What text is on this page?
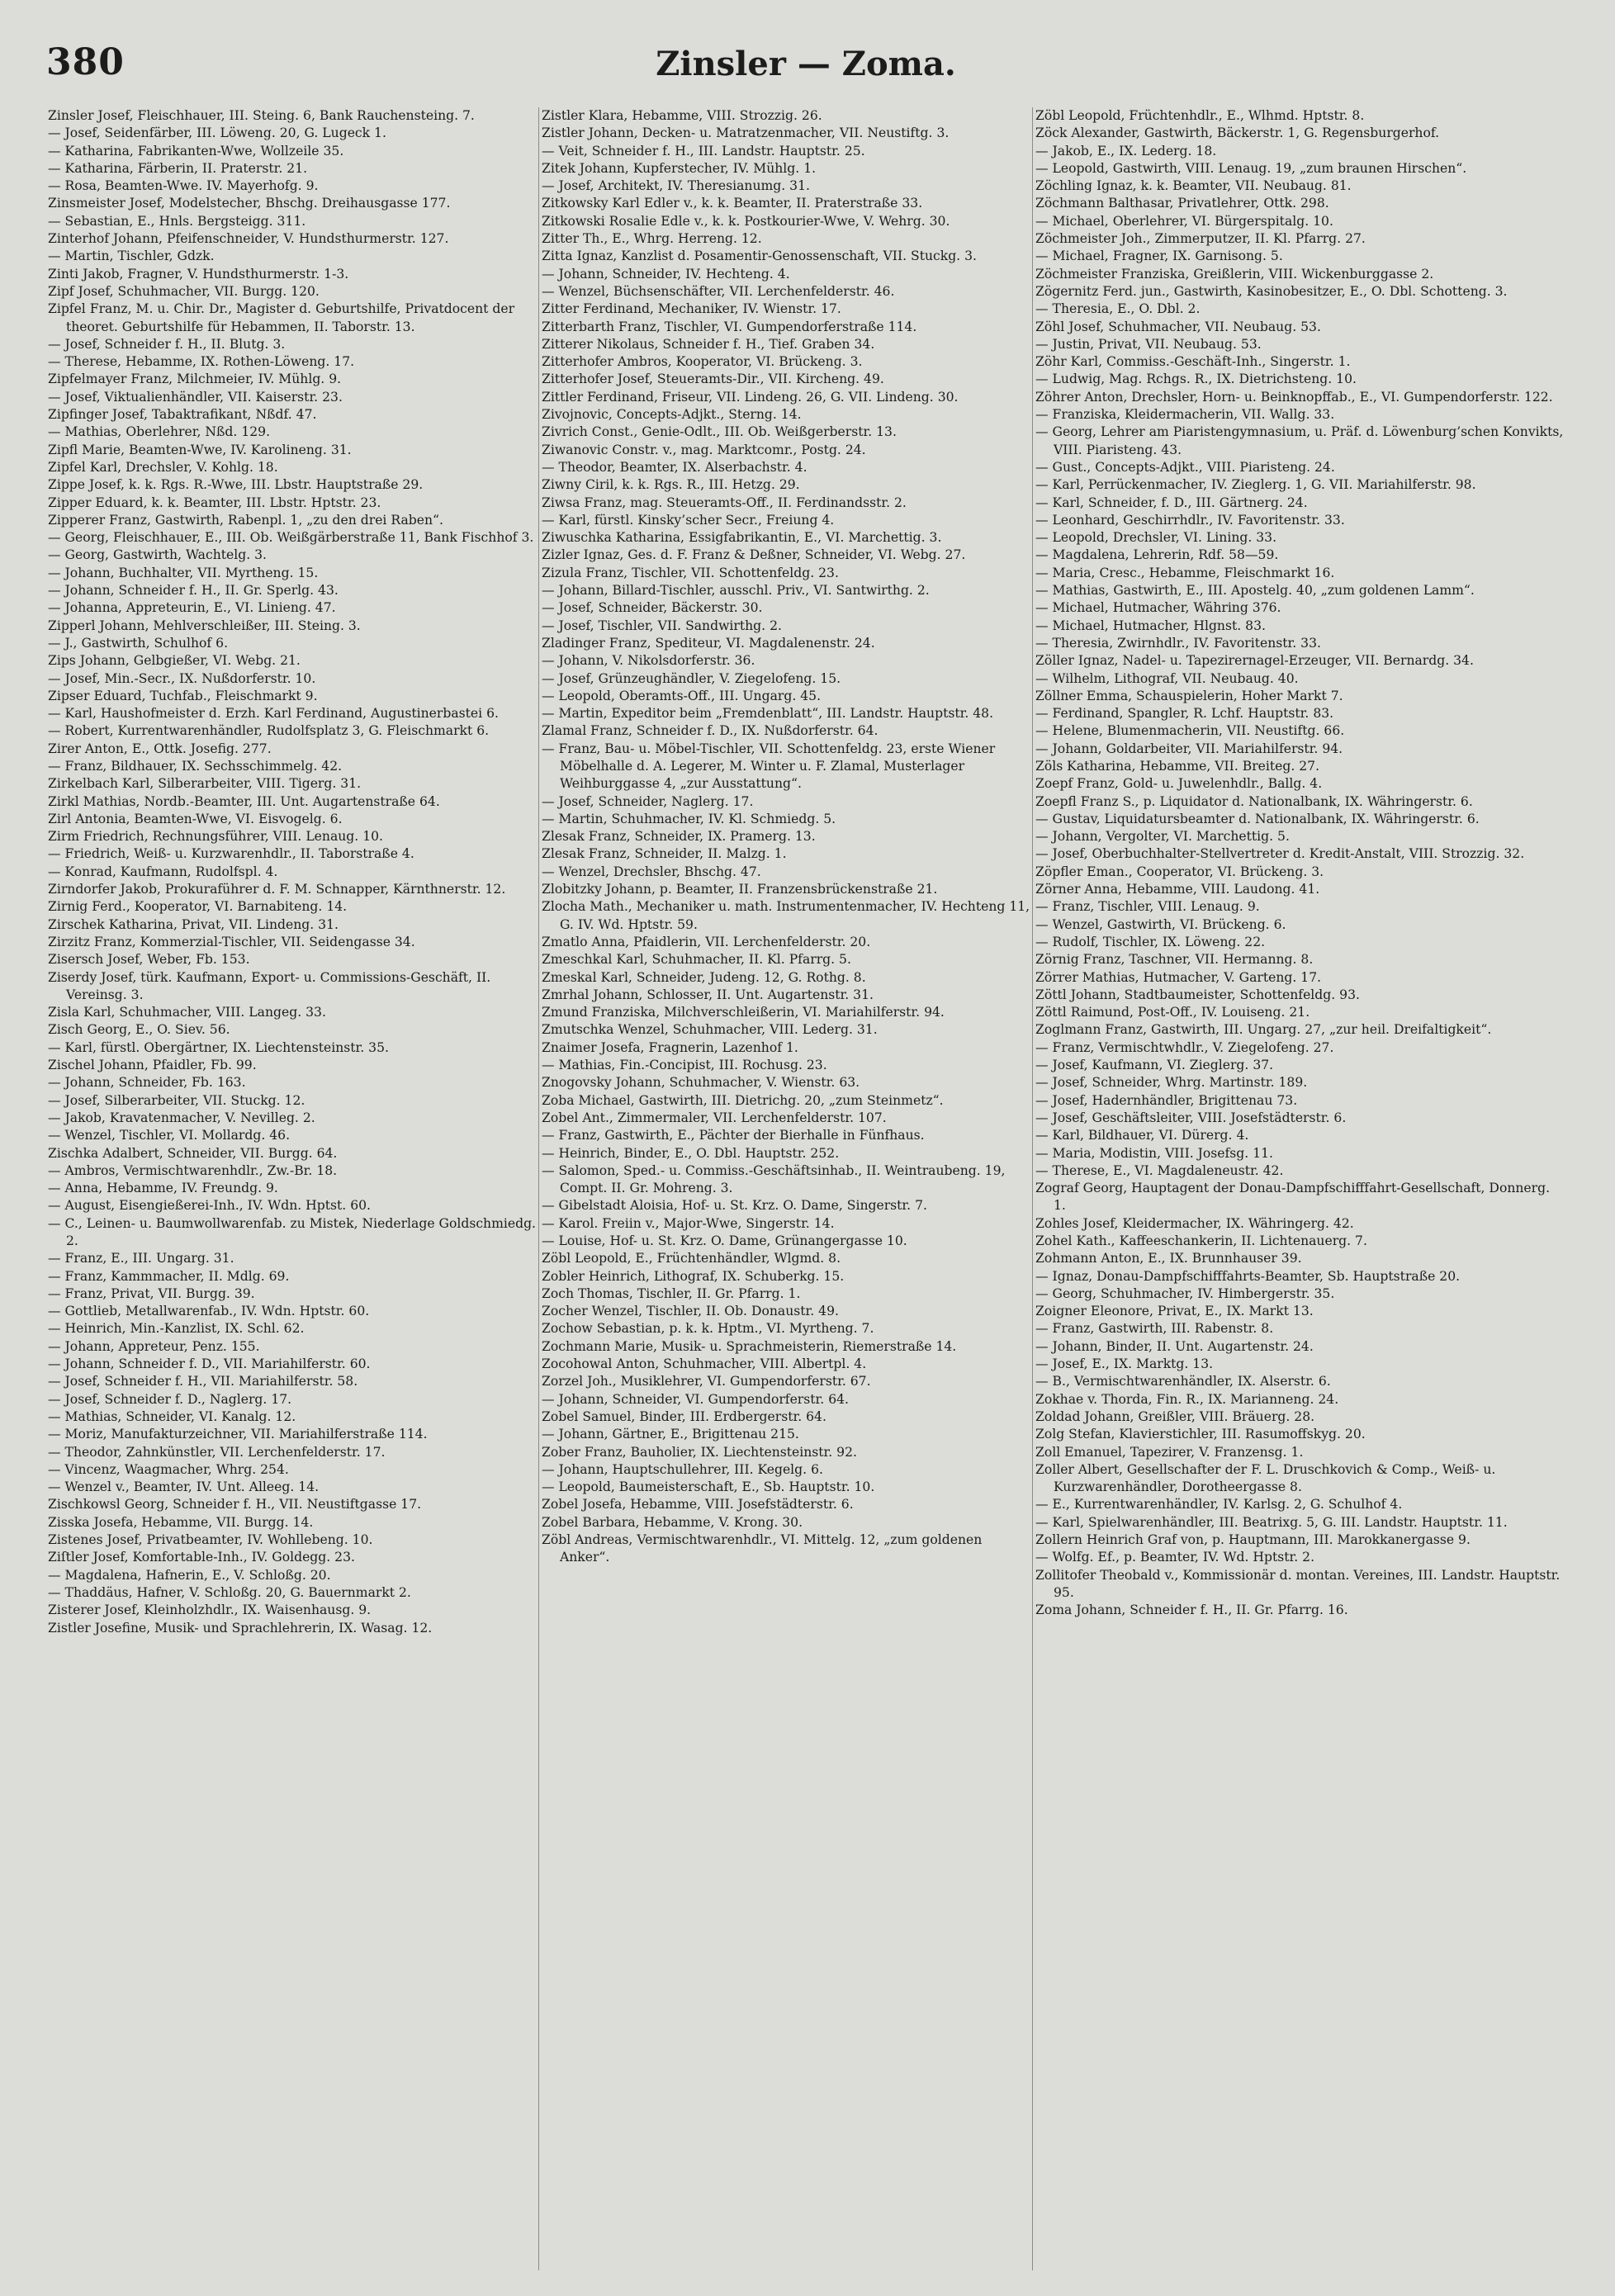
380	Zinsler — Zoma.

Zinsler Josef, Fleischhauer, III. Steing. 6, Bank Rauchensteing. 7.

— Josef, Seidenfärber, III. Löweng. 20, G. Lugeck 1.

— Katharina, Fabrikanten-Wwe, Wollzeile 35.

— Katharina, Färberin, II. Praterstr. 21.

— Rosa, Beamten-Wwe. IV. Mayerhofg. 9.

Zinsmeister Josef, Modelstecher, Bhschg. Dreihausgasse 177.

— Sebastian, E., Hnls. Bergsteigg. 311.

Zinterhof Johann, Pfeifenschneider, V. Hundsthurmerstr. 127.

— Martin, Tischler, Gdzk.

Zinti Jakob, Fragner, V. Hundsthurmerstr. 1-3.

Zipf Josef, Schuhmacher, VII. Burgg. 120.

Zipfel Franz, M. u. Chir. Dr., Magister d. Geburtshilfe, Privatdocent der theoret. Geburtshilfe für Hebammen, II. Taborstr. 13.

— Josef, Schneider f. H., II. Blutg. 3.

— Therese, Hebamme, IX. Rothen-Löweng. 17.

Zipfelmayer Franz, Milchmeier, IV. Mühlg. 9.

— Josef, Viktualienhändler, VII. Kaiserstr. 23.

Zipfinger Josef, Tabaktrafikant, Nßdf. 47.

— Mathias, Oberlehrer, Nßd. 129.

Zipfl Marie, Beamten-Wwe, IV. Karolineng. 31.

Zipfel Karl, Drechsler, V. Kohlg. 18.

Zippe Josef, k. k. Rgs. R.-Wwe, III. Lbstr. Hauptstraße 29.

Zipper Eduard, k. k. Beamter, III. Lbstr. Hptstr. 23.

Zipperer Franz, Gastwirth, Rabenpl. 1, „zu den drei Raben“.

— Georg, Fleischhauer, E., III. Ob. Weißgärberstraße 11, Bank Fischhof 3.

— Georg, Gastwirth, Wachtelg. 3.

— Johann, Buchhalter, VII. Myrtheng. 15.

— Johann, Schneider f. H., II. Gr. Sperlg. 43.

— Johanna, Appreteurin, E., VI. Linieng. 47.

Zipperl Johann, Mehlverschleißer, III. Steing. 3.

— J., Gastwirth, Schulhof 6.

Zips Johann, Gelbgießer, VI. Webg. 21.

— Josef, Min.-Secr., IX. Nußdorferstr. 10.

Zipser Eduard, Tuchfab., Fleischmarkt 9.

— Karl, Haushofmeister d. Erzh. Karl Ferdinand, Augustinerbastei 6.

— Robert, Kurrentwarenhändler, Rudolfsplatz 3, G. Fleischmarkt 6.

Zirer Anton, E., Ottk. Josefig. 277.

— Franz, Bildhauer, IX. Sechsschimmelg. 42.

Zirkelbach Karl, Silberarbeiter, VIII. Tigerg. 31.

Zirkl Mathias, Nordb.-Beamter, III. Unt. Augartenstraße 64.

Zirl Antonia, Beamten-Wwe, VI. Eisvogelg. 6.

Zirm Friedrich, Rechnungsführer, VIII. Lenaug. 10.

— Friedrich, Weiß- u. Kurzwarenhdlr., II. Taborstraße 4.

— Konrad, Kaufmann, Rudolfspl. 4.

Zirndorfer Jakob, Prokuraführer d. F. M. Schnapper, Kärnthnerstr. 12.

Zirnig Ferd., Kooperator, VI. Barnabiteng. 14.

Zirschek Katharina, Privat, VII. Lindeng. 31.

Zirzitz Franz, Kommerzial-Tischler, VII. Seidengasse 34.

Zisersch Josef, Weber, Fb. 153.

Ziserdy Josef, türk. Kaufmann, Export- u. Commissions-Geschäft, II. Vereinsg. 3.

Zisla Karl, Schuhmacher, VIII. Langeg. 33.

Zisch Georg, E., O. Siev. 56.

— Karl, fürstl. Obergärtner, IX. Liechtensteinstr. 35.

Zischel Johann, Pfaidler, Fb. 99.

— Johann, Schneider, Fb. 163.

— Josef, Silberarbeiter, VII. Stuckg. 12.

— Jakob, Kravatenmacher, V. Nevilleg. 2.

— Wenzel, Tischler, VI. Mollardg. 46.

Zischka Adalbert, Schneider, VII. Burgg. 64.

— Ambros, Vermischtwarenhdlr., Zw.-Br. 18.

— Anna, Hebamme, IV. Freundg. 9.

— August, Eisengießerei-Inh., IV. Wdn. Hptst. 60.

— C., Leinen- u. Baumwollwarenfab. zu Mistek, Niederlage Goldschmiedg. 2.

— Franz, E., III. Ungarg. 31.

— Franz, Kammmacher, II. Mdlg. 69.

— Franz, Privat, VII. Burgg. 39.

— Gottlieb, Metallwarenfab., IV. Wdn. Hptstr. 60.

— Heinrich, Min.-Kanzlist, IX. Schl. 62.

— Johann, Appreteur, Penz. 155.

— Johann, Schneider f. D., VII. Mariahilferstr. 60.

— Josef, Schneider f. H., VII. Mariahilferstr. 58.

— Josef, Schneider f. D., Naglerg. 17.

— Mathias, Schneider, VI. Kanalg. 12.

— Moriz, Manufakturzeichner, VII. Mariahilferstraße 114.

— Theodor, Zahnkünstler, VII. Lerchenfelderstr. 17.

— Vincenz, Waagmacher, Whrg. 254.

— Wenzel v., Beamter, IV. Unt. Alleeg. 14.

Zischkowsl Georg, Schneider f. H., VII. Neustiftgasse 17.

Zisska Josefa, Hebamme, VII. Burgg. 14.

Zistenes Josef, Privatbeamter, IV. Wohllebeng. 10.

Ziſtler Josef, Komfortable-Inh., IV. Goldegg. 23.

— Magdalena, Hafnerin, E., V. Schloßg. 20.

— Thaddäus, Hafner, V. Schloßg. 20, G. Bauernmarkt 2.

Zisterer Josef, Kleinholzhdlr., IX. Waisenhausg. 9.

Zistler Josefine, Musik- und Sprachlehrerin, IX. Wasag. 12.

Zistler Klara, Hebamme, VIII. Strozzig. 26.

Zistler Johann, Decken- u. Matratzenmacher, VII. Neustiftg. 3.

— Veit, Schneider f. H., III. Landstr. Hauptstr. 25.

Zitek Johann, Kupferstecher, IV. Mühlg. 1.

— Josef, Architekt, IV. Theresianumg. 31.

Zitkowsky Karl Edler v., k. k. Beamter, II. Praterstraße 33.

Zitkowski Rosalie Edle v., k. k. Postkourier-Wwe, V. Wehrg. 30.

Zitter Th., E., Whrg. Herreng. 12.

Zitta Ignaz, Kanzlist d. Posamentir-Genossenschaft, VII. Stuckg. 3.

— Johann, Schneider, IV. Hechteng. 4.

— Wenzel, Büchsenschäfter, VII. Lerchenfelderstr. 46.

Zitter Ferdinand, Mechaniker, IV. Wienstr. 17.

Zitterbarth Franz, Tischler, VI. Gumpendorferstraße 114.

Zitterer Nikolaus, Schneider f. H., Tief. Graben 34.

Zitterhofer Ambros, Kooperator, VI. Brückeng. 3.

Zitterhofer Josef, Steueramts-Dir., VII. Kircheng. 49.

Zittler Ferdinand, Friseur, VII. Lindeng. 26, G. VII. Lindeng. 30.

Zivojnovic, Concepts-Adjkt., Sterng. 14.

Zivrich Const., Genie-Odlt., III. Ob. Weißgerberstr. 13.

Ziwanovic Constr. v., mag. Marktcomr., Postg. 24.

— Theodor, Beamter, IX. Alserbachstr. 4.

Ziwny Ciril, k. k. Rgs. R., III. Hetzg. 29.

Ziwsa Franz, mag. Steueramts-Off., II. Ferdinandsstr. 2.

— Karl, fürstl. Kinsky’scher Secr., Freiung 4.

Ziwuschka Katharina, Essigfabrikantin, E., VI. Marchettig. 3.

Zizler Ignaz, Ges. d. F. Franz & Deßner, Schneider, VI. Webg. 27.

Zizula Franz, Tischler, VII. Schottenfeldg. 23.

— Johann, Billard-Tischler, ausschl. Priv., VI. Santwirthg. 2.

— Josef, Schneider, Bäckerstr. 30.

— Josef, Tischler, VII. Sandwirthg. 2.

Zladinger Franz, Spediteur, VI. Magdalenenstr. 24.

— Johann, V. Nikolsdorferstr. 36.

— Josef, Grünzeughändler, V. Ziegelofeng. 15.

— Leopold, Oberamts-Off., III. Ungarg. 45.

— Martin, Expeditor beim „Fremdenblatt“, III. Landstr. Hauptstr. 48.

Zlamal Franz, Schneider f. D., IX. Nußdorferstr. 64.

— Franz, Bau- u. Möbel-Tischler, VII. Schottenfeldg. 23, erste Wiener Möbelhalle d. A. Legerer, M. Winter u. F. Zlamal, Musterlager Weihburggasse 4, „zur Ausstattung“.

— Josef, Schneider, Naglerg. 17.

— Martin, Schuhmacher, IV. Kl. Schmiedg. 5.

Zlesak Franz, Schneider, IX. Pramerg. 13.

Zlesak Franz, Schneider, II. Malzg. 1.

— Wenzel, Drechsler, Bhschg. 47.

Zlobitzky Johann, p. Beamter, II. Franzensbrückenstraße 21.

Zlocha Math., Mechaniker u. math. Instrumentenmacher, IV. Hechteng 11, G. IV. Wd. Hptstr. 59.

Zmatlo Anna, Pfaidlerin, VII. Lerchenfelderstr. 20.

Zmeschkal Karl, Schuhmacher, II. Kl. Pfarrg. 5.

Zmeskal Karl, Schneider, Judeng. 12, G. Rothg. 8.

Zmrhal Johann, Schlosser, II. Unt. Augartenstr. 31.

Zmund Franziska, Milchverschleißerin, VI. Mariahilferstr. 94.

Zmutschka Wenzel, Schuhmacher, VIII. Lederg. 31.

Znaimer Josefa, Fragnerin, Lazenhof 1.

— Mathias, Fin.-Concipist, III. Rochusg. 23.

Znogovsky Johann, Schuhmacher, V. Wienstr. 63.

Zoba Michael, Gastwirth, III. Dietrichg. 20, „zum Steinmetz“.

Zobel Ant., Zimmermaler, VII. Lerchenfelderstr. 107.

— Franz, Gastwirth, E., Pächter der Bierhalle in Fünfhaus.

— Heinrich, Binder, E., O. Dbl. Hauptstr. 252.

— Salomon, Sped.- u. Commiss.-Geschäftsinhab., II. Weintraubeng. 19, Compt. II. Gr. Mohreng. 3.

— Gibelstadt Aloisia, Hof- u. St. Krz. O. Dame, Singerstr. 7.

— Karol. Freiin v., Major-Wwe, Singerstr. 14.

— Louise, Hof- u. St. Krz. O. Dame, Grünangergasse 10.

Zöbl Leopold, E., Früchtenhändler, Wlgmd. 8.

Zobler Heinrich, Lithograf, IX. Schuberkg. 15.

Zoch Thomas, Tischler, II. Gr. Pfarrg. 1.

Zocher Wenzel, Tischler, II. Ob. Donaustr. 49.

Zochow Sebastian, p. k. k. Hptm., VI. Myrtheng. 7.

Zochmann Marie, Musik- u. Sprachmeisterin, Riemerstraße 14.

Zocohowal Anton, Schuhmacher, VIII. Albertpl. 4.

Zorzel Joh., Musiklehrer, VI. Gumpendorferstr. 67.

— Johann, Schneider, VI. Gumpendorferstr. 64.

Zobel Samuel, Binder, III. Erdbergerstr. 64.

— Johann, Gärtner, E., Brigittenau 215.

Zober Franz, Bauholier, IX. Liechtensteinstr. 92.

— Johann, Hauptschullehrer, III. Kegelg. 6.

— Leopold, Baumeisterschaft, E., Sb. Hauptstr. 10.

Zobel Josefa, Hebamme, VIII. Josefstädterstr. 6.

Zobel Barbara, Hebamme, V. Krong. 30.

Zöbl Andreas, Vermischtwarenhdlr., VI. Mittelg. 12, „zum goldenen Anker“.

Zöbl Leopold, Früchtenhdlr., E., Wlhmd. Hptstr. 8.

Zöck Alexander, Gastwirth, Bäckerstr. 1, G. Regensburgerhof.

— Jakob, E., IX. Lederg. 18.

— Leopold, Gastwirth, VIII. Lenaug. 19, „zum braunen Hirschen“.

Zöchling Ignaz, k. k. Beamter, VII. Neubaug. 81.

Zöchmann Balthasar, Privatlehrer, Ottk. 298.

— Michael, Oberlehrer, VI. Bürgerspitalg. 10.

Zöchmeister Joh., Zimmerputzer, II. Kl. Pfarrg. 27.

— Michael, Fragner, IX. Garnisong. 5.

Zöchmeister Franziska, Greißlerin, VIII. Wickenburggasse 2.

Zögernitz Ferd. jun., Gastwirth, Kasinobesitzer, E., O. Dbl. Schotteng. 3.

— Theresia, E., O. Dbl. 2.

Zöhl Josef, Schuhmacher, VII. Neubaug. 53.

— Justin, Privat, VII. Neubaug. 53.

Zöhr Karl, Commiss.-Geschäft-Inh., Singerstr. 1.

— Ludwig, Mag. Rchgs. R., IX. Dietrichsteng. 10.

Zöhrer Anton, Drechsler, Horn- u. Beinknopffab., E., VI. Gumpendorferstr. 122.

— Franziska, Kleidermacherin, VII. Wallg. 33.

— Georg, Lehrer am Piaristengymnasium, u. Präf. d. Löwenburg’schen Konvikts, VIII. Piaristeng. 43.

— Gust., Concepts-Adjkt., VIII. Piaristeng. 24.

— Karl, Perrückenmacher, IV. Zieglerg. 1, G. VII. Mariahilferstr. 98.

— Karl, Schneider, f. D., III. Gärtnerg. 24.

— Leonhard, Geschirrhdlr., IV. Favoritenstr. 33.

— Leopold, Drechsler, VI. Lining. 33.

— Magdalena, Lehrerin, Rdf. 58—59.

— Maria, Cresc., Hebamme, Fleischmarkt 16.

— Mathias, Gastwirth, E., III. Apostelg. 40, „zum goldenen Lamm“.

— Michael, Hutmacher, Währing 376.

— Michael, Hutmacher, Hlgnst. 83.

— Theresia, Zwirnhdlr., IV. Favoritenstr. 33.

Zöller Ignaz, Nadel- u. Tapezirernagel-Erzeuger, VII. Bernardg. 34.

— Wilhelm, Lithograf, VII. Neubaug. 40.

Zöllner Emma, Schauspielerin, Hoher Markt 7.

— Ferdinand, Spangler, R. Lchf. Hauptstr. 83.

— Helene, Blumenmacherin, VII. Neustiftg. 66.

— Johann, Goldarbeiter, VII. Mariahilferstr. 94.

Zöls Katharina, Hebamme, VII. Breiteg. 27.

Zoepf Franz, Gold- u. Juwelenhdlr., Ballg. 4.

Zoepfl Franz S., p. Liquidator d. Nationalbank, IX. Währingerstr. 6.

— Gustav, Liquidatursbeamter d. Nationalbank, IX. Währingerstr. 6.

— Johann, Vergolter, VI. Marchettig. 5.

— Josef, Oberbuchhalter-Stellvertreter d. Kredit-Anstalt, VIII. Strozzig. 32.

Zöpfler Eman., Cooperator, VI. Brückeng. 3.

Zörner Anna, Hebamme, VIII. Laudong. 41.

— Franz, Tischler, VIII. Lenaug. 9.

— Wenzel, Gastwirth, VI. Brückeng. 6.

— Rudolf, Tischler, IX. Löweng. 22.

Zörnig Franz, Taschner, VII. Hermanng. 8.

Zörrer Mathias, Hutmacher, V. Garteng. 17.

Zöttl Johann, Stadtbaumeister, Schottenfeldg. 93.

Zöttl Raimund, Post-Off., IV. Louiseng. 21.

Zoglmann Franz, Gastwirth, III. Ungarg. 27, „zur heil. Dreifaltigkeit“.

— Franz, Vermischtwhdlr., V. Ziegelofeng. 27.

— Josef, Kaufmann, VI. Zieglerg. 37.

— Josef, Schneider, Whrg. Martinstr. 189.

— Josef, Hadernhändler, Brigittenau 73.

— Josef, Geschäftsleiter, VIII. Josefstädterstr. 6.

— Karl, Bildhauer, VI. Dürerg. 4.

— Maria, Modistin, VIII. Josefsg. 11.

— Therese, E., VI. Magdaleneustr. 42.

Zograf Georg, Hauptagent der Donau-Dampfschifffahrt-Gesellschaft, Donnerg. 1.

Zohles Josef, Kleidermacher, IX. Währingerg. 42.

Zohel Kath., Kaffeeschankerin, II. Lichtenauerg. 7.

Zohmann Anton, E., IX. Brunnhauser 39.

— Ignaz, Donau-Dampfschifffahrts-Beamter, Sb. Hauptstraße 20.

— Georg, Schuhmacher, IV. Himbergerstr. 35.

Zoigner Eleonore, Privat, E., IX. Markt 13.

— Franz, Gastwirth, III. Rabenstr. 8.

— Johann, Binder, II. Unt. Augartenstr. 24.

— Josef, E., IX. Marktg. 13.

— B., Vermischtwarenhändler, IX. Alserstr. 6.

Zokhae v. Thorda, Fin. R., IX. Marianneng. 24.

Zoldad Johann, Greißler, VIII. Bräuerg. 28.

Zolg Stefan, Klavierstichler, III. Rasumoffskyg. 20.

Zoll Emanuel, Tapezirer, V. Franzensg. 1.

Zoller Albert, Gesellschafter der F. L. Druschkovich & Comp., Weiß- u. Kurzwarenhändler, Dorotheergasse 8.

— E., Kurrentwarenhändler, IV. Karlsg. 2, G. Schulhof 4.

— Karl, Spielwarenhändler, III. Beatrixg. 5, G. III. Landstr. Hauptstr. 11.

Zollern Heinrich Graf von, p. Hauptmann, III. Marokkanergasse 9.

— Wolfg. Ef., p. Beamter, IV. Wd. Hptstr. 2.

Zollitofer Theobald v., Kommissionär d. montan. Vereines, III. Landstr. Hauptstr. 95.

Zoma Johann, Schneider f. H., II. Gr. Pfarrg. 16.
